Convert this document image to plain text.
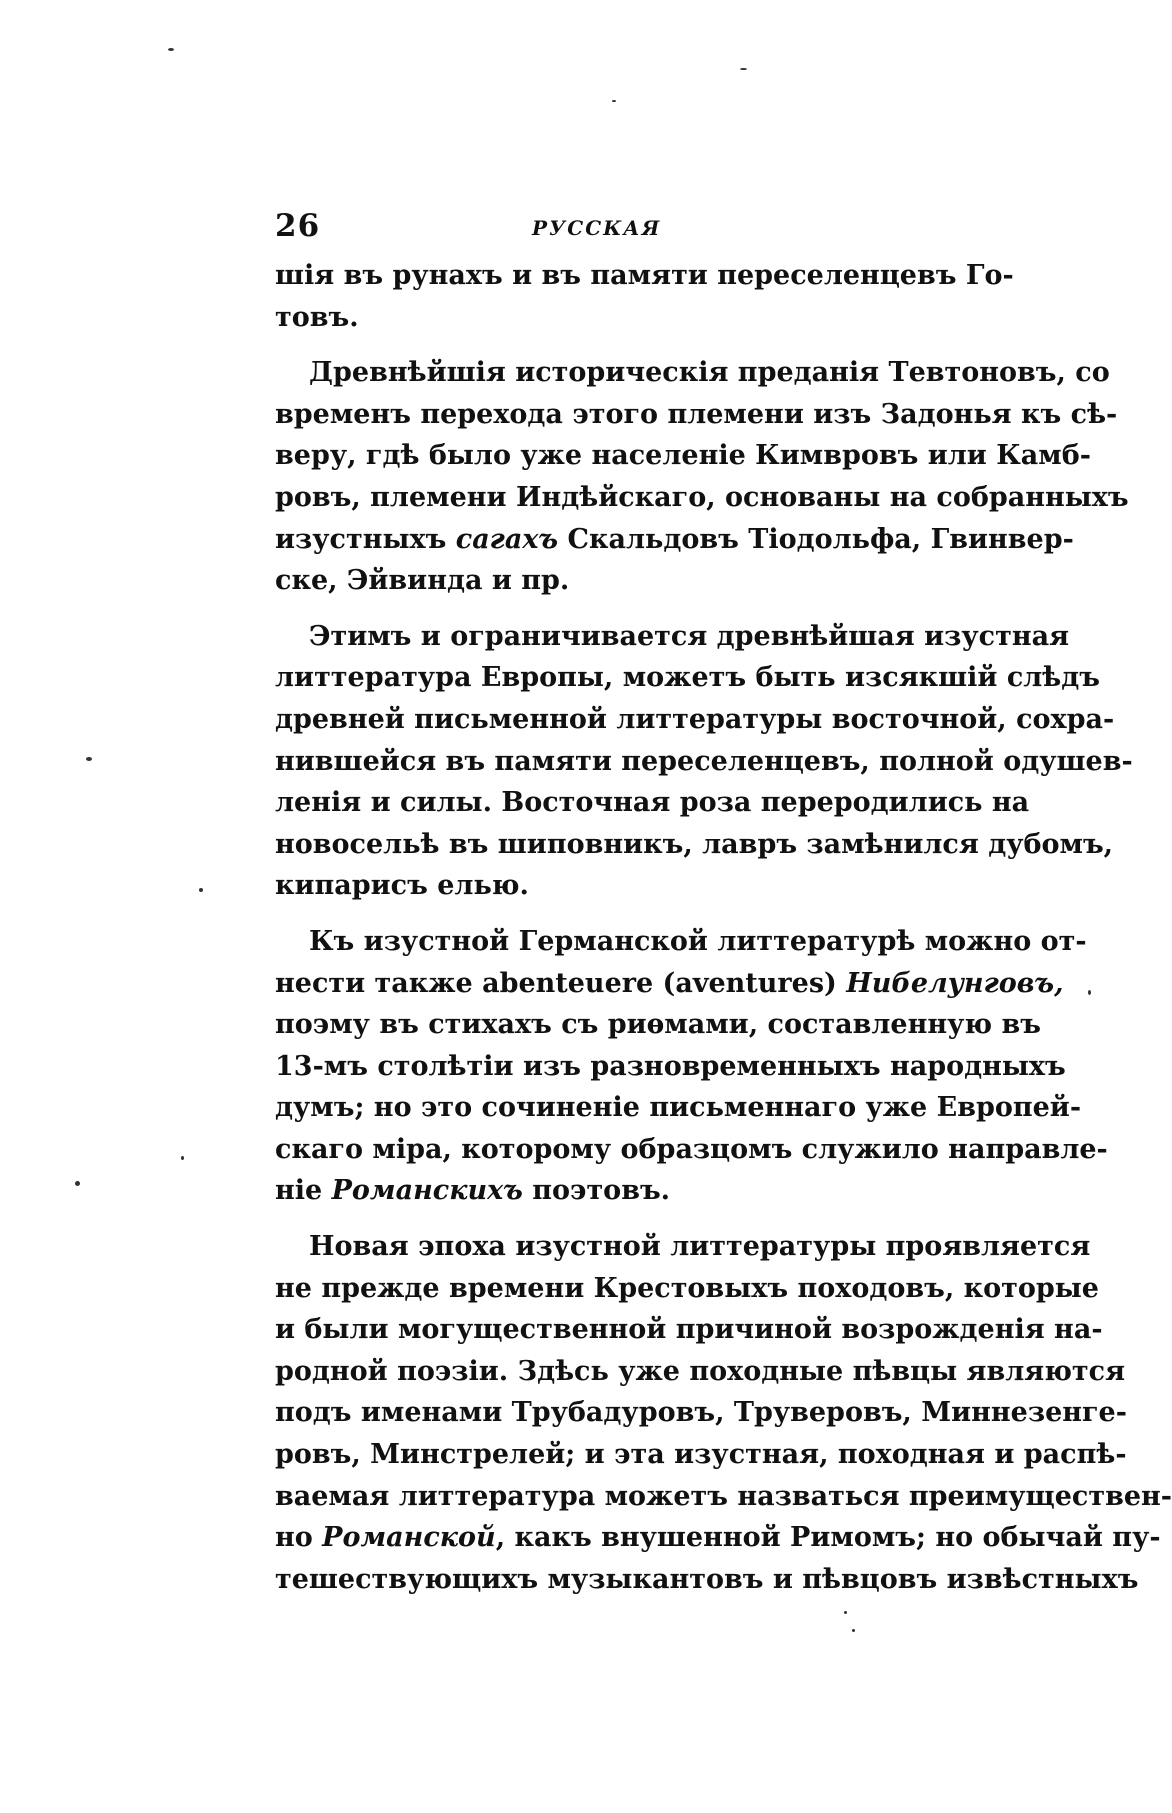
26	РУССКАЯ
шія въ рунахъ и въ памяти переселенцевъ Го-
товъ.
Древнѣйшія историческія преданія Тевтоновъ, со
временъ перехода этого племени изъ Задонья къ сѣ-
веру, гдѣ было уже населеніе Кимвровъ или Камб-
ровъ, племени Индѣйскаго, основаны на собранныхъ
изустныхъ сагахъ Скальдовъ Тіодольфа, Гвинвер-
ске, Эйвинда и пр.
Этимъ и ограничивается древнѣйшая изустная
литтература Европы, можетъ быть изсякшій слѣдъ
древней письменной литтературы восточной, сохра-
нившейся въ памяти переселенцевъ, полной одушев-
ленія и силы. Восточная роза переродились на
новосельѣ въ шиповникъ, лавръ замѣнился дубомъ,
кипарисъ елью.
Къ изустной Германской литтературѣ можно от-
нести также abenteuere (aventures) Нибелунговъ,
поэму въ стихахъ съ риѳмами, составленную въ
13-мъ столѣтіи изъ разновременныхъ народныхъ
думъ; но это сочиненіе письменнаго уже Европей-
скаго міра, которому образцомъ служило направле-
ніе Романскихъ поэтовъ.
Новая эпоха изустной литтературы проявляется
не прежде времени Крестовыхъ походовъ, которые
и были могущественной причиной возрожденія на-
родной поэзіи. Здѣсь уже походные пѣвцы являются
подъ именами Трубадуровъ, Труверовъ, Миннезенге-
ровъ, Минстрелей; и эта изустная, походная и распѣ-
ваемая литтература можетъ назваться преимуществен-
но Романской, какъ внушенной Римомъ; но обычай пу-
тешествующихъ музыкантовъ и пѣвцовъ извѣстныхъ
